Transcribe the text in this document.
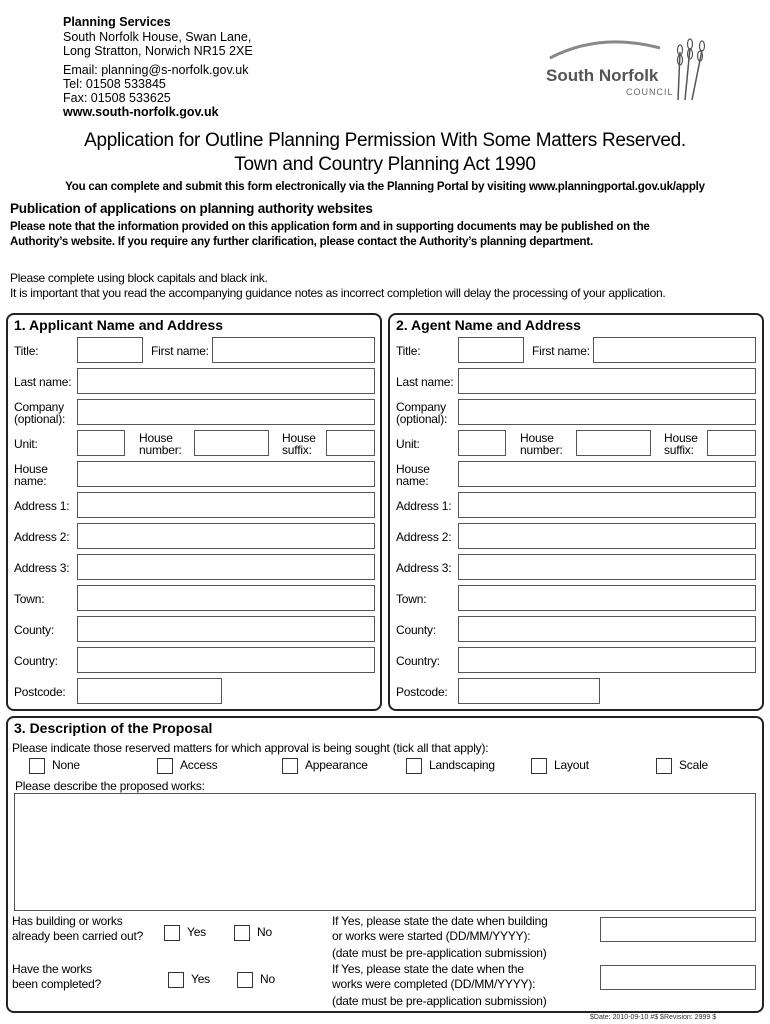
Planning Services
South Norfolk House, Swan Lane,
Long Stratton, Norwich NR15 2XE
Email: planning@s-norfolk.gov.uk
Tel: 01508 533845
Fax: 01508 533625
www.south-norfolk.gov.uk
South Norfolk
COUNCIL
Application for Outline Planning Permission With Some Matters Reserved.
Town and Country Planning Act 1990
You can complete and submit this form electronically via the Planning Portal by visiting www.planningportal.gov.uk/apply
Publication of applications on planning authority websites
Please note that the information provided on this application form and in supporting documents may be published on the
Authority’s website. If you require any further clarification, please contact the Authority’s planning department.
Please complete using block capitals and black ink.
It is important that you read the accompanying guidance notes as incorrect completion will delay the processing of your application.
1. Applicant Name and Address
Title:	First name:
Last name:
Company
(optional):
Unit:	House
number:
House
suffix:
House
name:
Address 1:
Address 2:
Address 3:
Town:
County:
Country:
Postcode:
2. Agent Name and Address
Title:	First name:
Last name:
Company
(optional):
Unit:	House
number:
House
suffix:
House
name:
Address 1:
Address 2:
Address 3:
Town:
County:
Country:
Postcode:
3. Description of the Proposal
Please indicate those reserved matters for which approval is being sought (tick all that apply):
None	Access	Appearance	Landscaping	Layout	Scale
Please describe the proposed works:
Has building or works
already been carried out?	Yes	No
If Yes, please state the date when building
or works were started (DD/MM/YYYY):
(date must be pre-application submission)
Have the works
been completed?	Yes	No
If Yes, please state the date when the
works were completed (DD/MM/YYYY):
(date must be pre-application submission)
$Date: 2010-09-10 #$ $Revision: 2999 $
